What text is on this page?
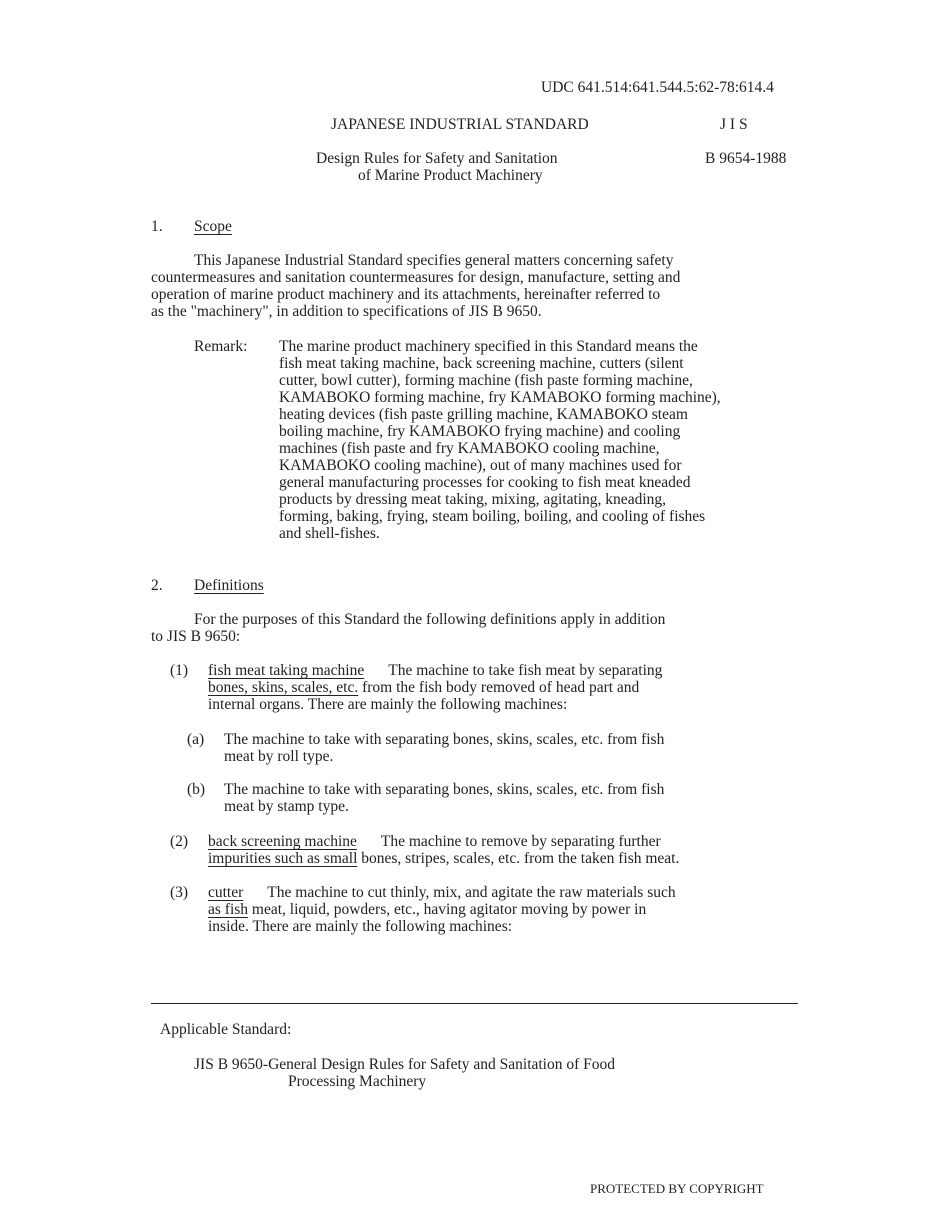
UDC 641.514:641.544.5:62-78:614.4
JAPANESE INDUSTRIAL STANDARD	J I S
Design Rules for Safety and Sanitation
of Marine Product Machinery
B 9654-1988
1. Scope
This Japanese Industrial Standard specifies general matters concerning safety
countermeasures and sanitation countermeasures for design, manufacture, setting and
operation of marine product machinery and its attachments, hereinafter referred to
as the "machinery", in addition to specifications of JIS B 9650.
Remark: The marine product machinery specified in this Standard means the
fish meat taking machine, back screening machine, cutters (silent
cutter, bowl cutter), forming machine (fish paste forming machine,
KAMABOKO forming machine, fry KAMABOKO forming machine),
heating devices (fish paste grilling machine, KAMABOKO steam
boiling machine, fry KAMABOKO frying machine) and cooling
machines (fish paste and fry KAMABOKO cooling machine,
KAMABOKO cooling machine), out of many machines used for
general manufacturing processes for cooking to fish meat kneaded
products by dressing meat taking, mixing, agitating, kneading,
forming, baking, frying, steam boiling, boiling, and cooling of fishes
and shell-fishes.
2. Definitions
For the purposes of this Standard the following definitions apply in addition
to JIS B 9650:
(1) fish meat taking machine The machine to take fish meat by separating
bones, skins, scales, etc. from the fish body removed of head part and
internal organs. There are mainly the following machines:
(a) The machine to take with separating bones, skins, scales, etc. from fish
meat by roll type.
(b) The machine to take with separating bones, skins, scales, etc. from fish
meat by stamp type.
(2) back screening machine The machine to remove by separating further
impurities such as small bones, stripes, scales, etc. from the taken fish meat.
(3) cutter The machine to cut thinly, mix, and agitate the raw materials such
as fish meat, liquid, powders, etc., having agitator moving by power in
inside. There are mainly the following machines:
Applicable Standard:
JIS B 9650-General Design Rules for Safety and Sanitation of Food
Processing Machinery
PROTECTED BY COPYRIGHT
